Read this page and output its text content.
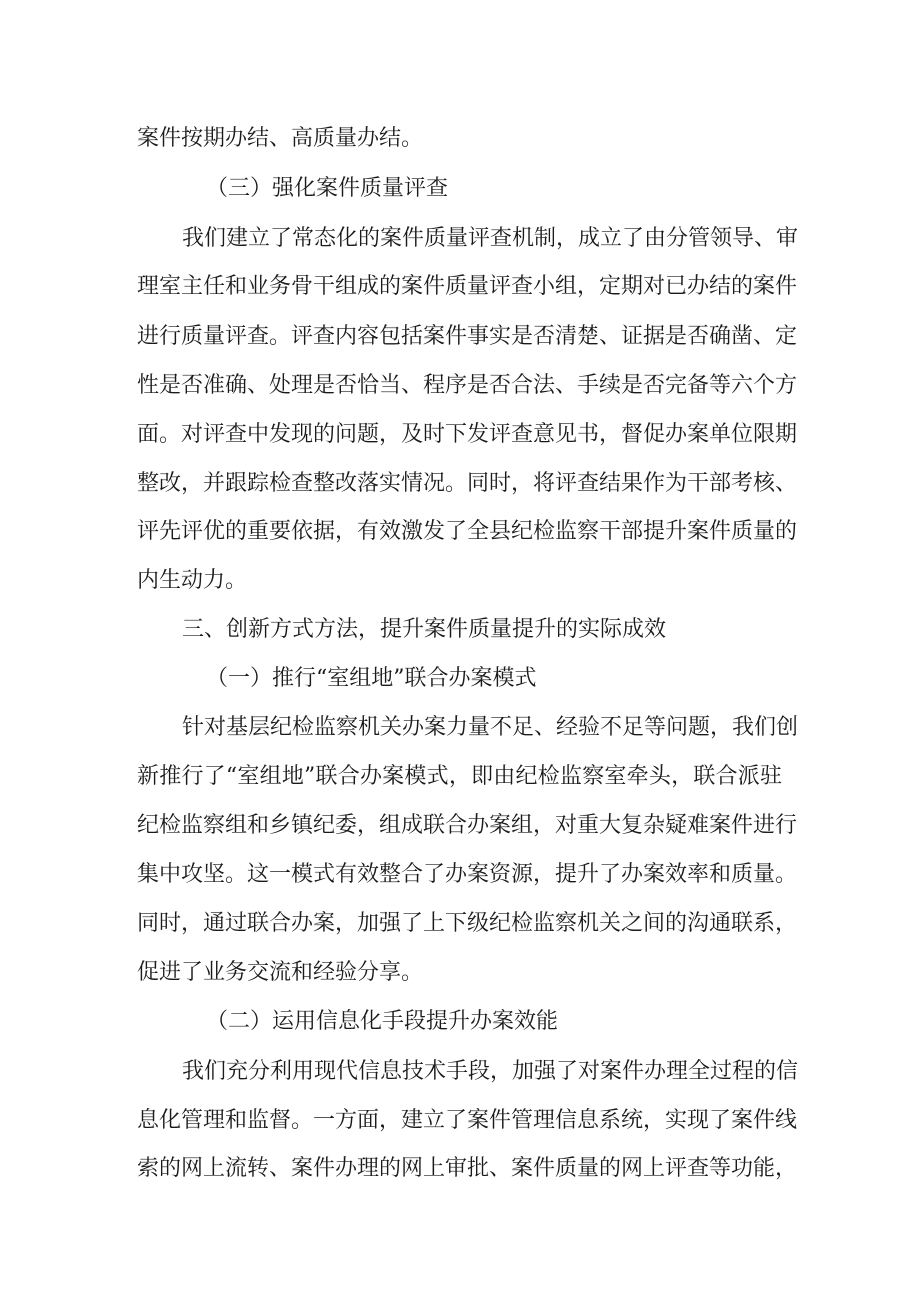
案件按期办结、高质量办结。

（三）强化案件质量评查

我们建立了常态化的案件质量评查机制，成立了由分管领导、审

理室主任和业务骨干组成的案件质量评查小组，定期对已办结的案件

进行质量评查。评查内容包括案件事实是否清楚、证据是否确凿、定

性是否准确、处理是否恰当、程序是否合法、手续是否完备等六个方

面。对评查中发现的问题，及时下发评查意见书，督促办案单位限期

整改，并跟踪检查整改落实情况。同时，将评查结果作为干部考核、

评先评优的重要依据，有效激发了全县纪检监察干部提升案件质量的

内生动力。

三、创新方式方法，提升案件质量提升的实际成效

（一）推行“室组地”联合办案模式

针对基层纪检监察机关办案力量不足、经验不足等问题，我们创

新推行了“室组地”联合办案模式，即由纪检监察室牵头，联合派驻

纪检监察组和乡镇纪委，组成联合办案组，对重大复杂疑难案件进行

集中攻坚。这一模式有效整合了办案资源，提升了办案效率和质量。

同时，通过联合办案，加强了上下级纪检监察机关之间的沟通联系，

促进了业务交流和经验分享。

（二）运用信息化手段提升办案效能

我们充分利用现代信息技术手段，加强了对案件办理全过程的信

息化管理和监督。一方面，建立了案件管理信息系统，实现了案件线

索的网上流转、案件办理的网上审批、案件质量的网上评查等功能，
